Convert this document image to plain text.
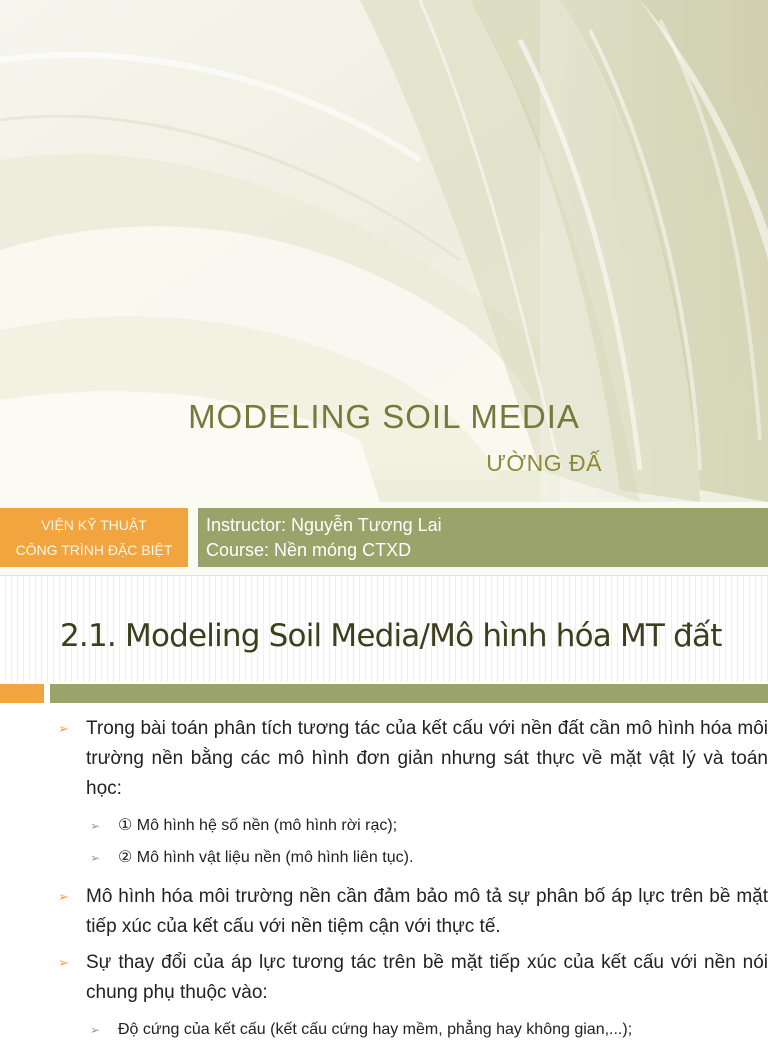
MODELING SOIL MEDIA

ƯỜNG ĐẤ

VIỆN KỸ THUẬT
CÔNG TRÌNH ĐẶC BIỆT
Instructor: Nguyễn Tương Lai
Course: Nền móng CTXD
2.1. Modeling Soil Media/Mô hình hóa MT đất
➢ Trong bài toán phân tích tương tác của kết cấu với nền đất cần mô hình hóa môi trường nền bằng các mô hình đơn giản nhưng sát thực về mặt vật lý và toán học:
➢ ① Mô hình hệ số nền (mô hình rời rạc);
➢ ② Mô hình vật liệu nền (mô hình liên tục).
➢ Mô hình hóa môi trường nền cần đảm bảo mô tả sự phân bố áp lực trên bề mặt tiếp xúc của kết cấu với nền tiệm cận với thực tế.
➢ Sự thay đổi của áp lực tương tác trên bề mặt tiếp xúc của kết cấu với nền nói chung phụ thuộc vào:
➢ Độ cứng của kết cấu (kết cấu cứng hay mềm, phẳng hay không gian,...);
